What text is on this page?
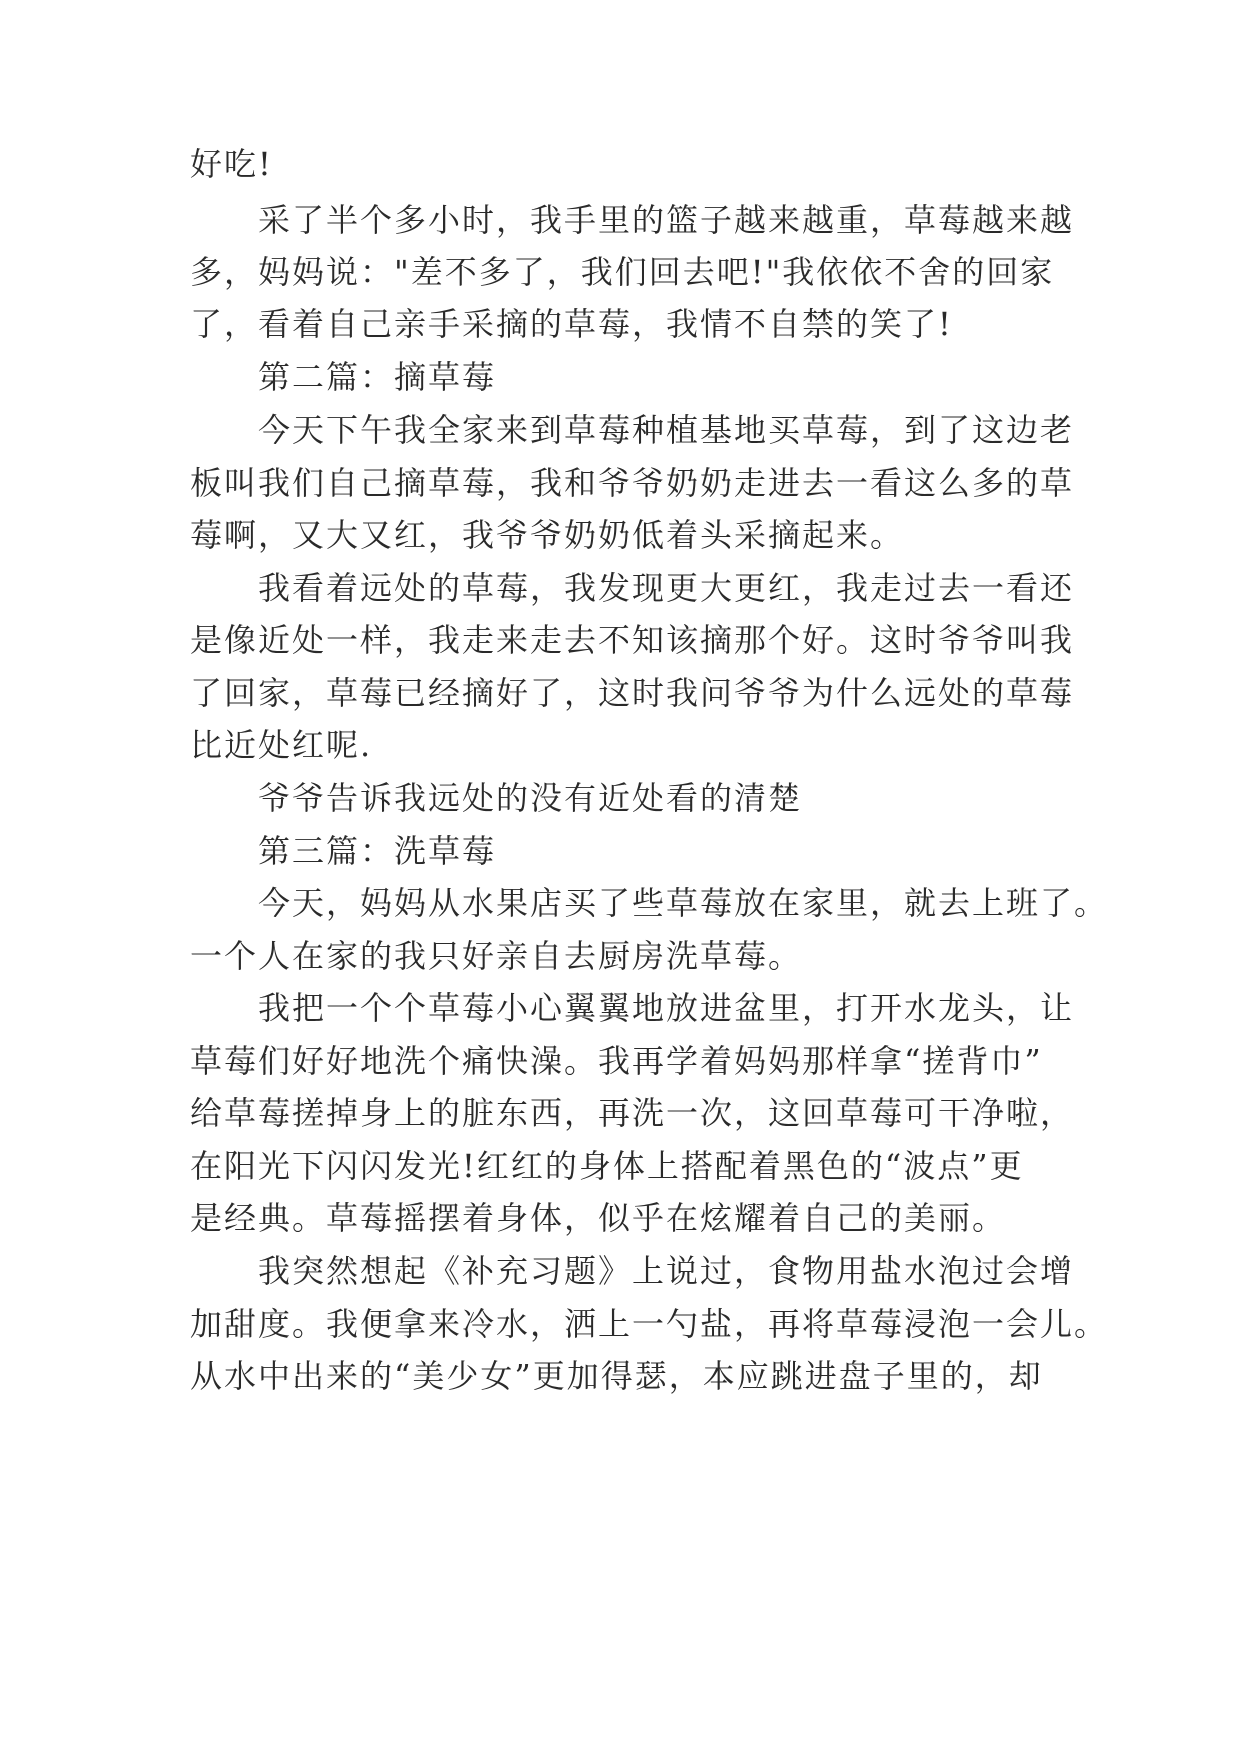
好吃!
采了半个多小时，我手里的篮子越来越重，草莓越来越
多，妈妈说："差不多了，我们回去吧!"我依依不舍的回家
了，看着自己亲手采摘的草莓，我情不自禁的笑了!
第二篇：摘草莓
今天下午我全家来到草莓种植基地买草莓，到了这边老
板叫我们自己摘草莓，我和爷爷奶奶走进去一看这么多的草
莓啊，又大又红，我爷爷奶奶低着头采摘起来。
我看着远处的草莓，我发现更大更红，我走过去一看还
是像近处一样，我走来走去不知该摘那个好。这时爷爷叫我
了回家，草莓已经摘好了，这时我问爷爷为什么远处的草莓
比近处红呢.
爷爷告诉我远处的没有近处看的清楚
第三篇：洗草莓
今天，妈妈从水果店买了些草莓放在家里，就去上班了。
一个人在家的我只好亲自去厨房洗草莓。
我把一个个草莓小心翼翼地放进盆里，打开水龙头，让
草莓们好好地洗个痛快澡。我再学着妈妈那样拿“搓背巾”
给草莓搓掉身上的脏东西，再洗一次，这回草莓可干净啦，
在阳光下闪闪发光!红红的身体上搭配着黑色的“波点”更
是经典。草莓摇摆着身体，似乎在炫耀着自己的美丽。
我突然想起《补充习题》上说过，食物用盐水泡过会增
加甜度。我便拿来冷水，洒上一勺盐，再将草莓浸泡一会儿。
从水中出来的“美少女”更加得瑟，本应跳进盘子里的，却
